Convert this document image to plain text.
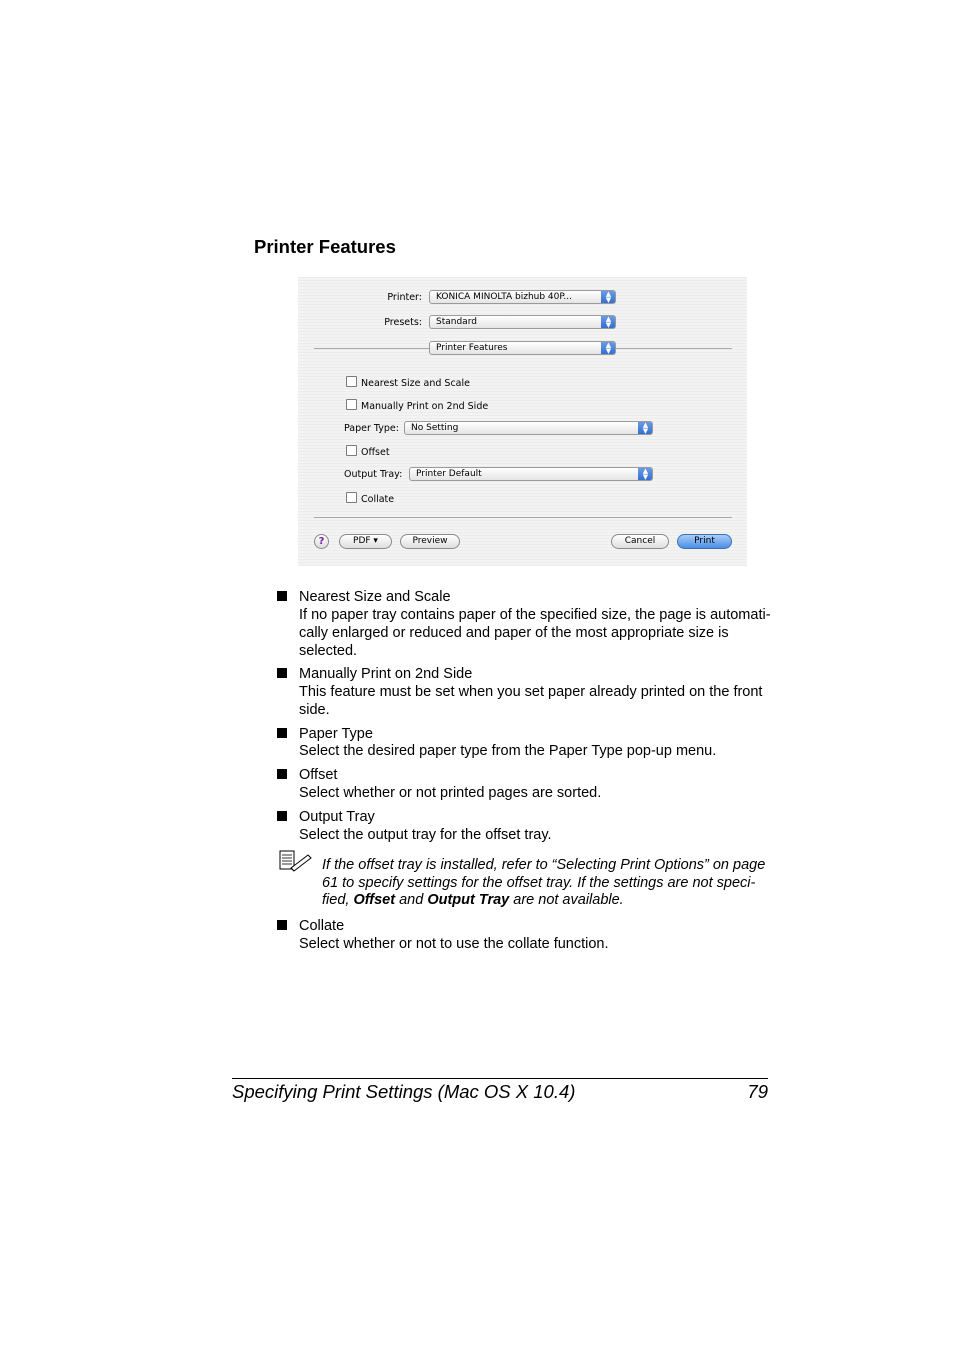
Printer Features
Printer:	KONICA MINOLTA bizhub 40P...	▲
▼
Presets:	Standard	▲
▼
Printer Features	▲
▼
Nearest Size and Scale
Manually Print on 2nd Side
Paper Type:	No Setting	▲
▼
Offset
Output Tray:	Printer Default	▲
▼
Collate
?	PDF ▾	Preview	Cancel	Print
Nearest Size and Scale
If no paper tray contains paper of the specified size, the page is automati-
cally enlarged or reduced and paper of the most appropriate size is
selected.
Manually Print on 2nd Side
This feature must be set when you set paper already printed on the front
side.
Paper Type
Select the desired paper type from the Paper Type pop-up menu.
Offset
Select whether or not printed pages are sorted.
Output Tray
Select the output tray for the offset tray.
If the offset tray is installed, refer to “Selecting Print Options” on page
61 to specify settings for the offset tray. If the settings are not speci-
fied, Offset and Output Tray are not available.
Collate
Select whether or not to use the collate function.
Specifying Print Settings (Mac OS X 10.4)	79
